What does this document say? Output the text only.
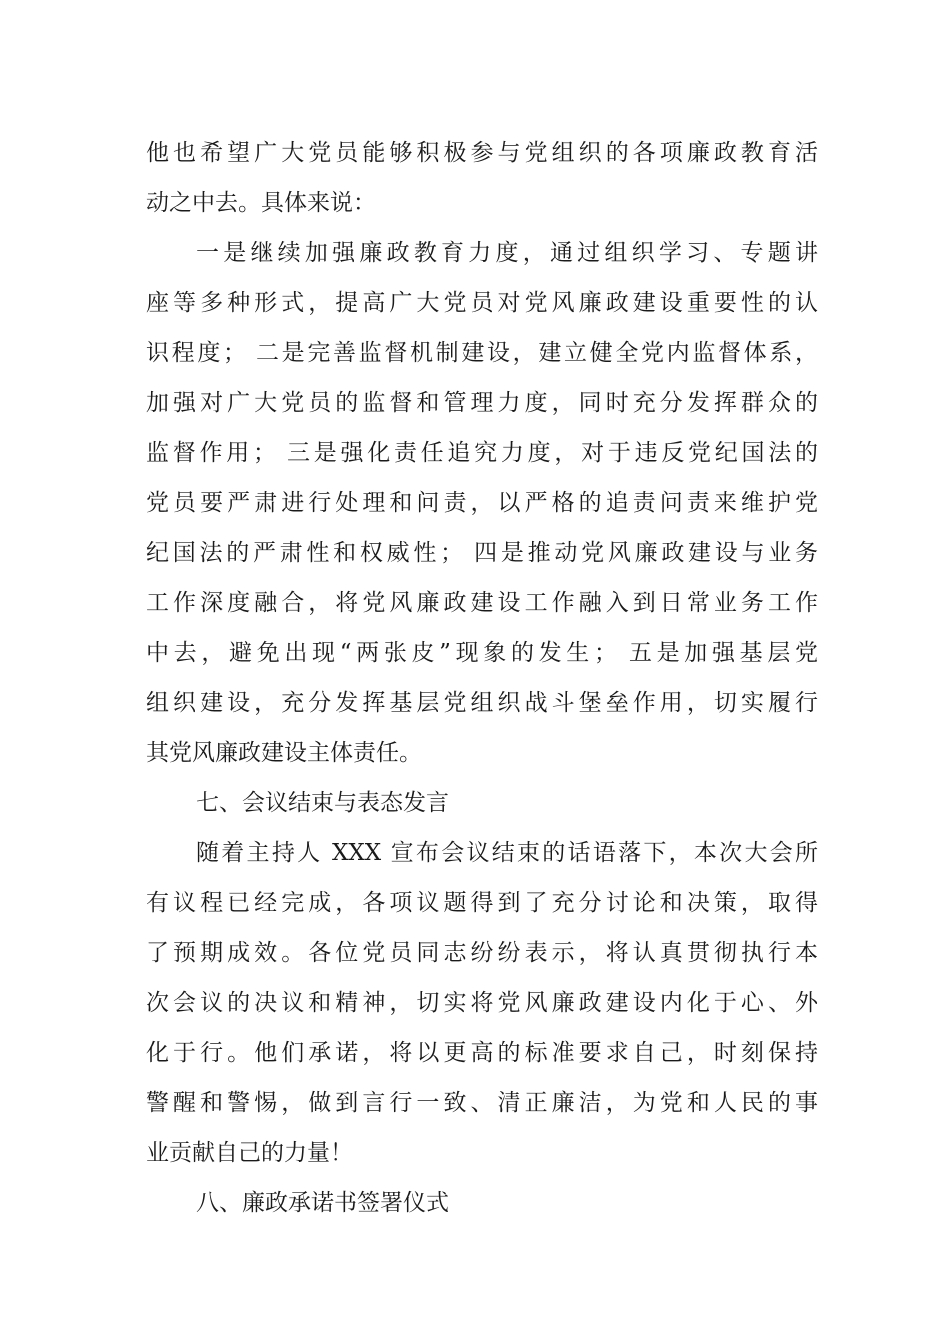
他也希望广大党员能够积极参与党组织的各项廉政教育活
动之中去。具体来说：
一是继续加强廉政教育力度，通过组织学习、专题讲
座等多种形式，提高广大党员对党风廉政建设重要性的认
识程度； 二是完善监督机制建设，建立健全党内监督体系，
加强对广大党员的监督和管理力度，同时充分发挥群众的
监督作用； 三是强化责任追究力度，对于违反党纪国法的
党员要严肃进行处理和问责，以严格的追责问责来维护党
纪国法的严肃性和权威性； 四是推动党风廉政建设与业务
工作深度融合，将党风廉政建设工作融入到日常业务工作
中去，避免出现“两张皮”现象的发生； 五是加强基层党
组织建设，充分发挥基层党组织战斗堡垒作用，切实履行
其党风廉政建设主体责任。
七、会议结束与表态发言
随着主持人 XXX 宣布会议结束的话语落下，本次大会所
有议程已经完成，各项议题得到了充分讨论和决策，取得
了预期成效。各位党员同志纷纷表示，将认真贯彻执行本
次会议的决议和精神，切实将党风廉政建设内化于心、外
化于行。他们承诺，将以更高的标准要求自己，时刻保持
警醒和警惕，做到言行一致、清正廉洁，为党和人民的事
业贡献自己的力量！
八、廉政承诺书签署仪式
